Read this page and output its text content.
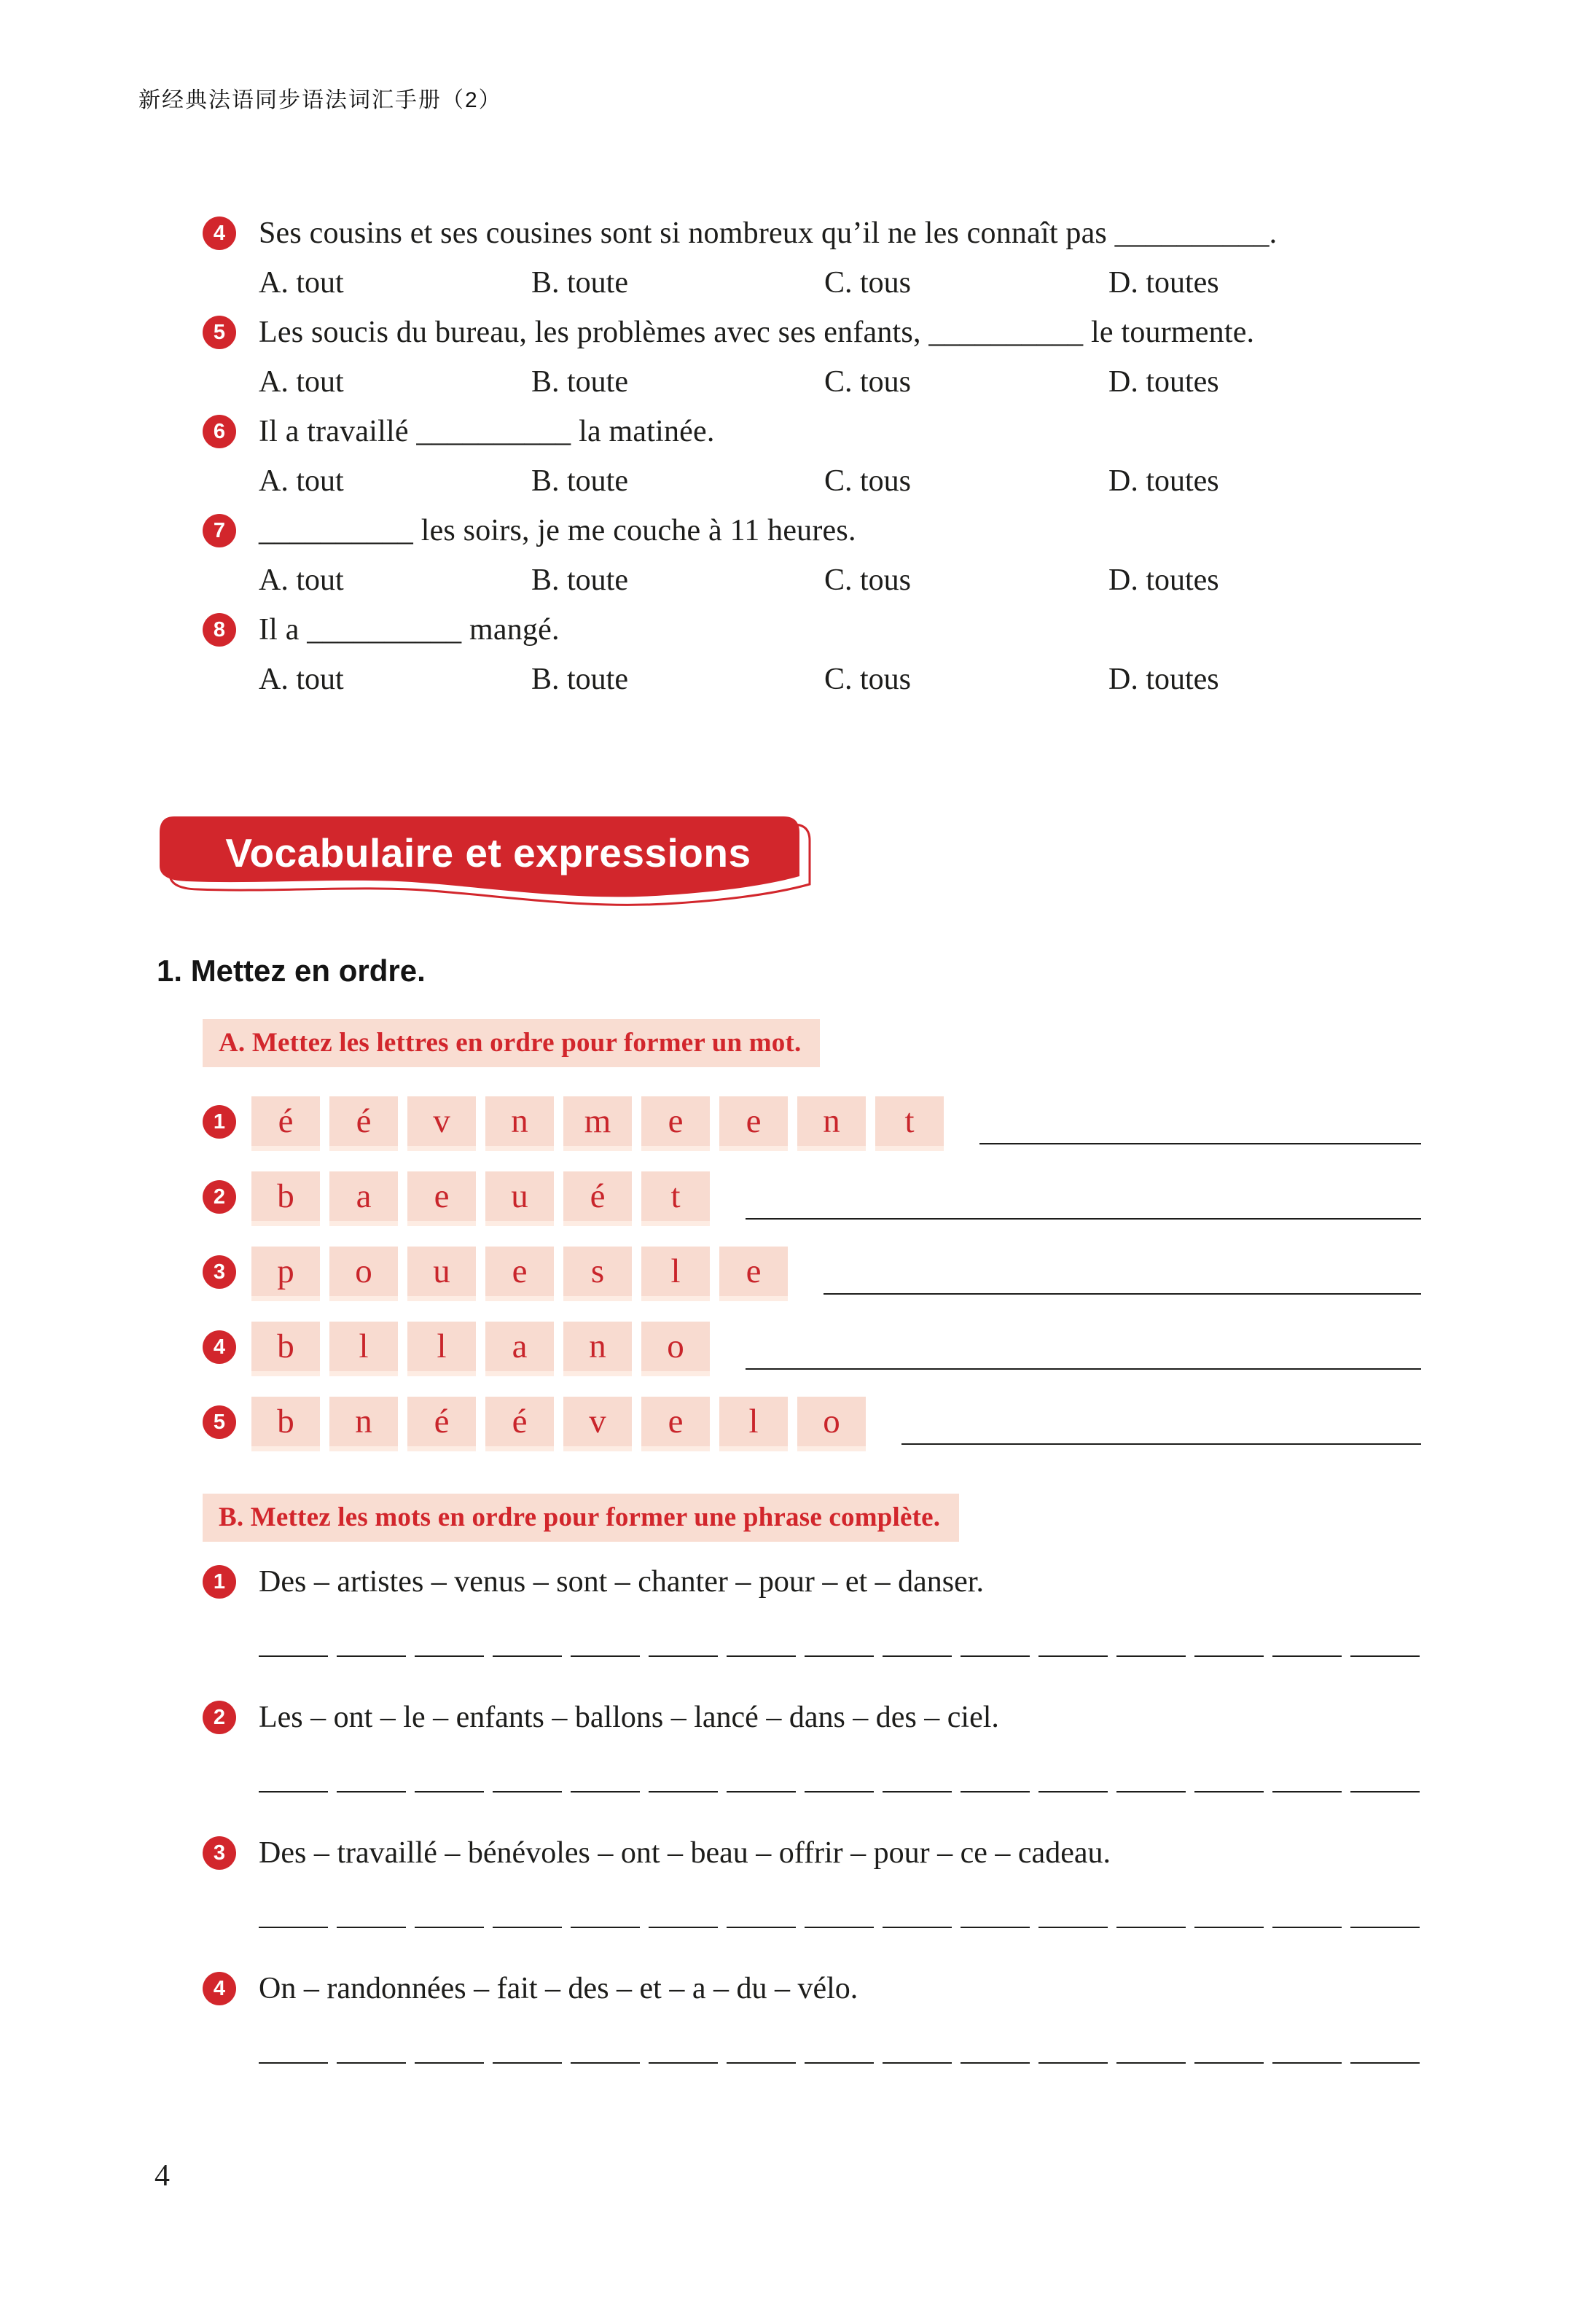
新经典法语同步语法词汇手册（2）
4	Ses cousins et ses cousines sont si nombreux qu’il ne les connaît pas __________.
A. tout	B. toute	C. tous	D. toutes
5	Les soucis du bureau, les problèmes avec ses enfants, __________ le tourmente.
A. tout	B. toute	C. tous	D. toutes
6	Il a travaillé __________ la matinée.
A. tout	B. toute	C. tous	D. toutes
7	__________ les soirs, je me couche à 11 heures.
A. tout	B. toute	C. tous	D. toutes
8	Il a __________ mangé.
A. tout	B. toute	C. tous	D. toutes
Vocabulaire et expressions
1. Mettez en ordre.
A. Mettez les lettres en ordre pour former un mot.
1	é	é	v	n	m	e	e	n	t
2	b	a	e	u	é	t
3	p	o	u	e	s	l	e
4	b	l	l	a	n	o
5	b	n	é	é	v	e	l	o
B. Mettez les mots en ordre pour former une phrase complète.
1	Des – artistes – venus – sont – chanter – pour – et – danser.
2	Les – ont – le – enfants – ballons – lancé – dans – des – ciel.
3	Des – travaillé – bénévoles – ont – beau – offrir – pour – ce – cadeau.
4	On – randonnées – fait – des – et – a – du – vélo.
4
